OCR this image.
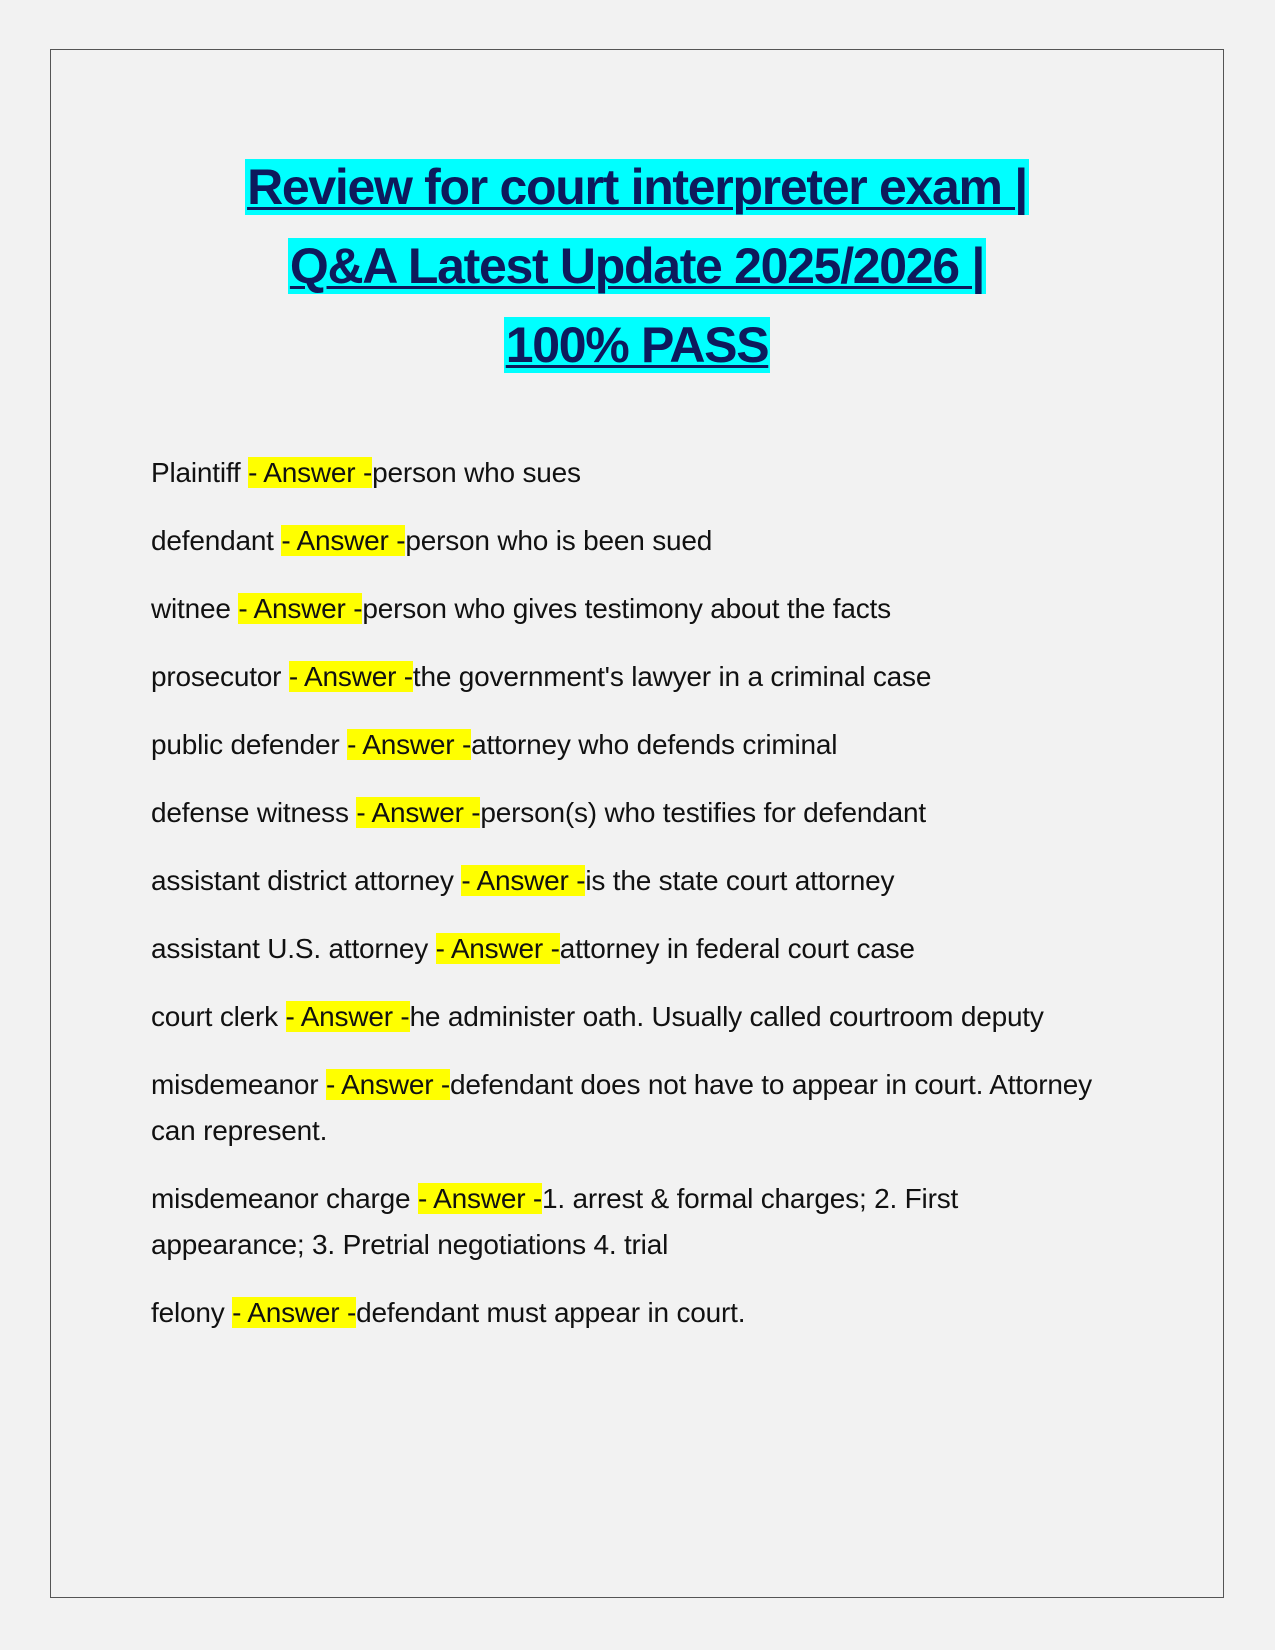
Review for court interpreter exam |
Q&A Latest Update 2025/2026 |
100% PASS

Plaintiff - Answer -person who sues

defendant - Answer -person who is been sued

witnee - Answer -person who gives testimony about the facts

prosecutor - Answer -the government's lawyer in a criminal case

public defender - Answer -attorney who defends criminal

defense witness - Answer -person(s) who testifies for defendant

assistant district attorney - Answer -is the state court attorney

assistant U.S. attorney - Answer -attorney in federal court case

court clerk - Answer -he administer oath. Usually called courtroom deputy

misdemeanor - Answer -defendant does not have to appear in court. Attorney can represent.

misdemeanor charge - Answer -1. arrest & formal charges; 2. First appearance; 3. Pretrial negotiations 4. trial

felony - Answer -defendant must appear in court.
